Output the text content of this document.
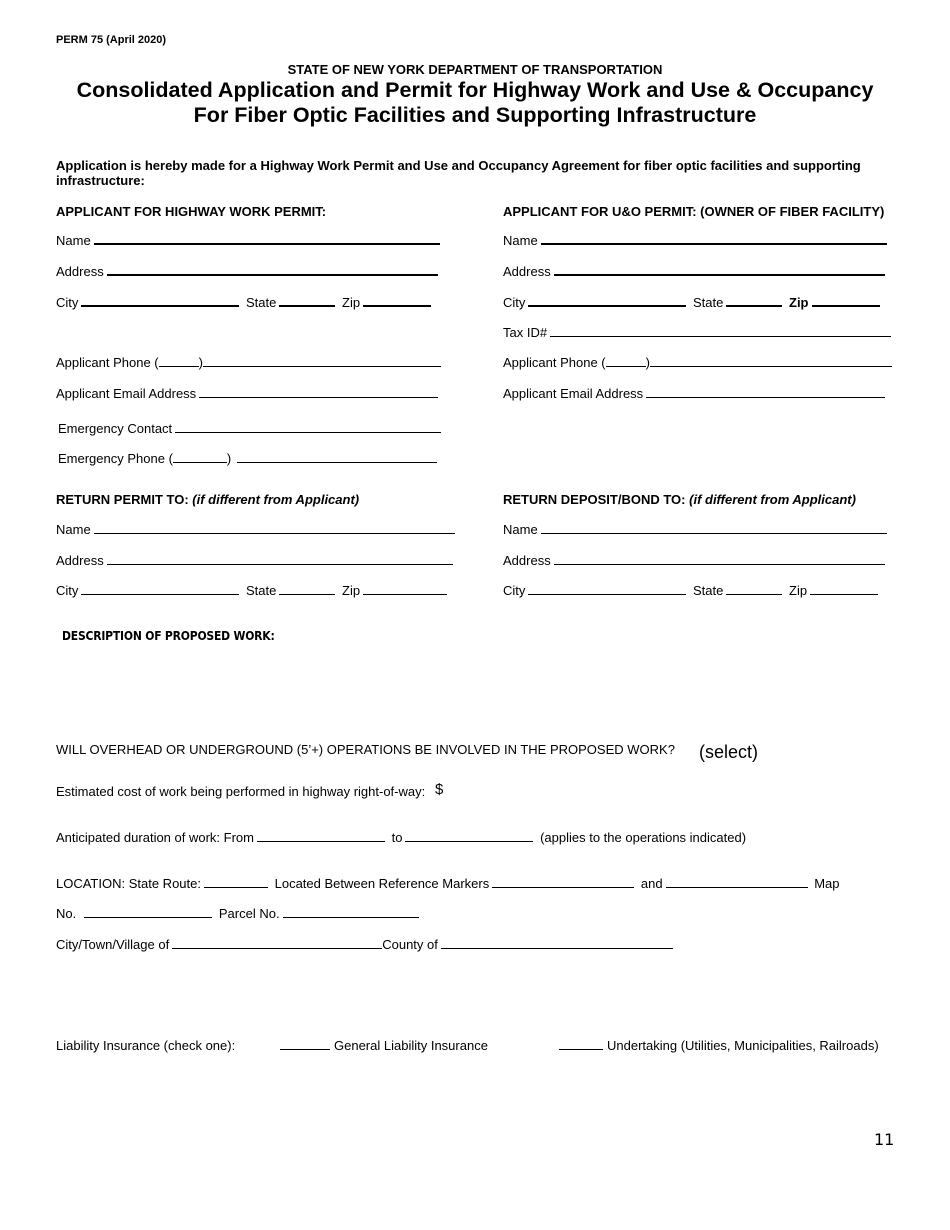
PERM 75 (April 2020)
STATE OF NEW YORK DEPARTMENT OF TRANSPORTATION
Consolidated Application and Permit for Highway Work and Use & Occupancy
For Fiber Optic Facilities and Supporting Infrastructure
Application is hereby made for a Highway Work Permit and Use and Occupancy Agreement for fiber optic facilities and supporting infrastructure:
APPLICANT FOR HIGHWAY WORK PERMIT:
Name
Address
City	State	Zip
Applicant Phone (	)
Applicant Email Address
Emergency Contact
Emergency Phone (	)
APPLICANT FOR U&O PERMIT: (OWNER OF FIBER FACILITY)
Name
Address
City	State	Zip
Tax ID#
Applicant Phone (	)
Applicant Email Address
RETURN PERMIT TO: (if different from Applicant)
Name
Address
City	State	Zip
RETURN DEPOSIT/BOND TO: (if different from Applicant)
Name
Address
City	State	Zip
DESCRIPTION OF PROPOSED WORK:
WILL OVERHEAD OR UNDERGROUND (5’+) OPERATIONS BE INVOLVED IN THE PROPOSED WORK? (select)
Estimated cost of work being performed in highway right-of-way: $
Anticipated duration of work: From	to	(applies to the operations indicated)
LOCATION: State Route:	Located Between Reference Markers	and	Map
No.	Parcel No.
City/Town/Village of	County of
Liability Insurance (check one):	General Liability Insurance	Undertaking (Utilities, Municipalities, Railroads)
11
